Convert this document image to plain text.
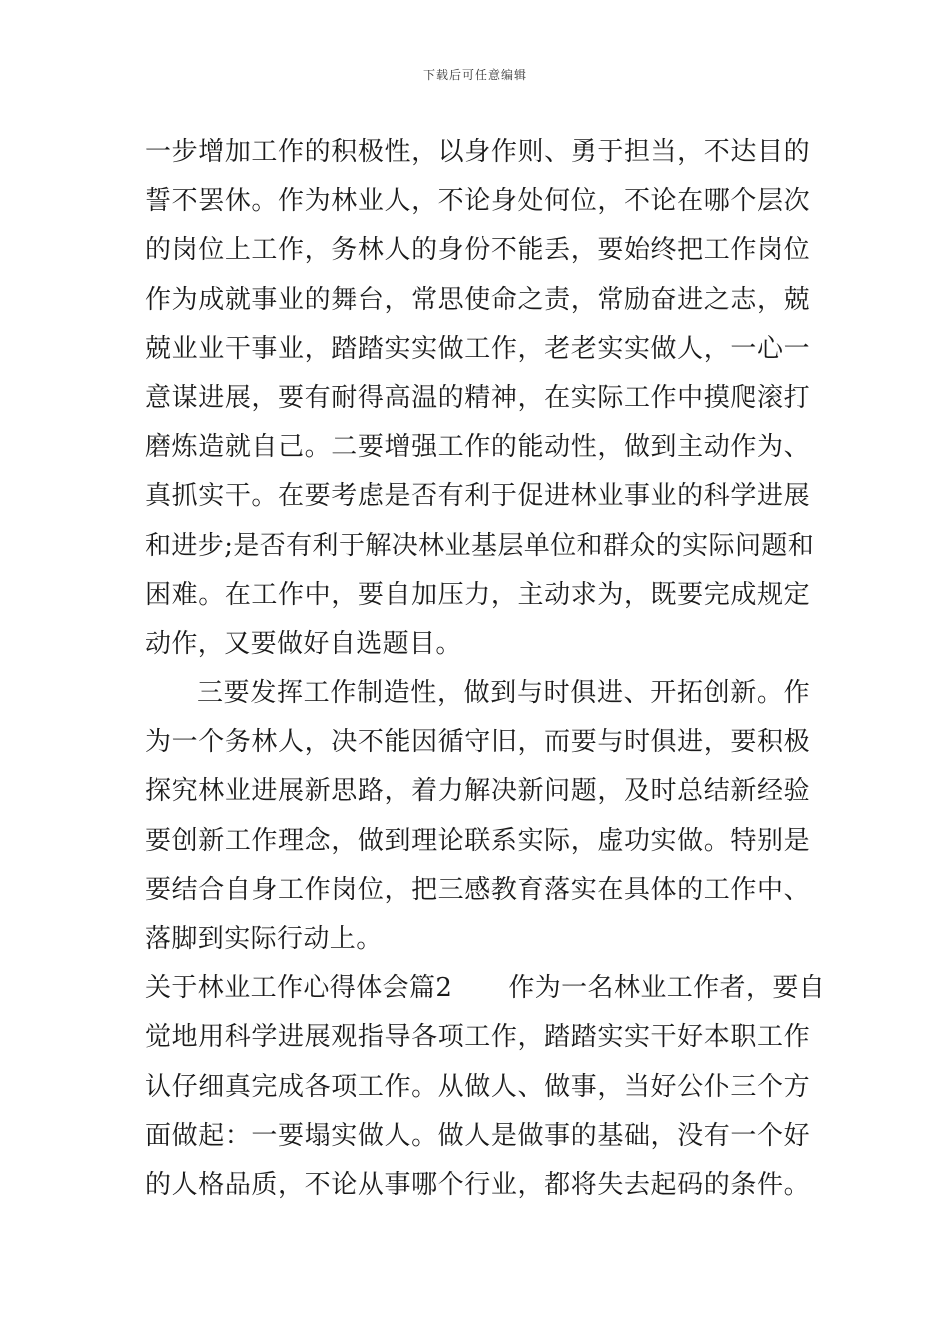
下载后可任意编辑
一步增加工作的积极性，以身作则、勇于担当，不达目的
誓不罢休。作为林业人，不论身处何位，不论在哪个层次
的岗位上工作，务林人的身份不能丢，要始终把工作岗位
作为成就事业的舞台，常思使命之责，常励奋进之志，兢
兢业业干事业，踏踏实实做工作，老老实实做人，一心一
意谋进展，要有耐得高温的精神，在实际工作中摸爬滚打
磨炼造就自己。二要增强工作的能动性，做到主动作为、
真抓实干。在要考虑是否有利于促进林业事业的科学进展
和进步;是否有利于解决林业基层单位和群众的实际问题和
困难。在工作中，要自加压力，主动求为，既要完成规定
动作，又要做好自选题目。
三要发挥工作制造性，做到与时俱进、开拓创新。作
为一个务林人，决不能因循守旧，而要与时俱进，要积极
探究林业进展新思路，着力解决新问题，及时总结新经验
要创新工作理念，做到理论联系实际，虚功实做。特别是
要结合自身工作岗位，把三感教育落实在具体的工作中、
落脚到实际行动上。
关于林业工作心得体会篇2 作为一名林业工作者，要自
觉地用科学进展观指导各项工作，踏踏实实干好本职工作
认仔细真完成各项工作。从做人、做事，当好公仆三个方
面做起：一要塌实做人。做人是做事的基础，没有一个好
的人格品质，不论从事哪个行业，都将失去起码的条件。
